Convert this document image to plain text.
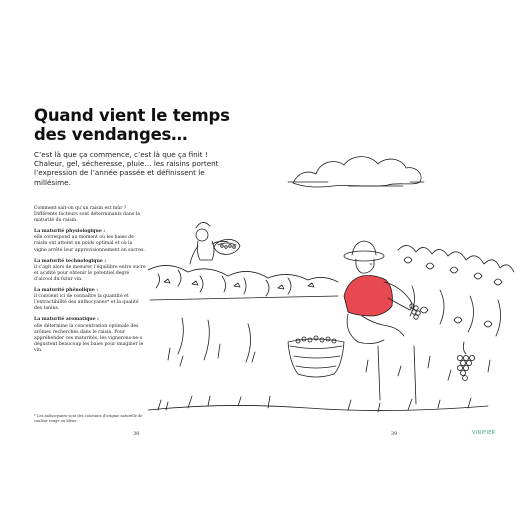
Quand vient le temps des vendanges…

C’est là que ça commence, c’est là que ça finit ! Chaleur, gel, sécheresse, pluie… les raisins portent l’expression de l’année passée et définissent le millésime.

Comment sait-on qu’un raisin est mûr ? Différents facteurs sont déterminants dans la maturité du raisin.

La maturité physiologique :
elle correspond au moment où les baies de raisin ont atteint un poids optimal et où la vigne arrête leur approvisionnement en sucres.

La maturité technologique :
il s’agit alors de mesurer l’équilibre entre sucre et acidité pour obtenir le potentiel degré d’alcool du futur vin.

La maturité phénolique :
il convient ici de connaître la quantité et l’extractibilité des anthocyanes* et la qualité des tanins.

La maturité aromatique :
elle détermine la concentration optimale des arômes recherchés dans le raisin. Pour appréhender ces maturités, les vignerons·ne·s dégustent beaucoup les baies pour imaginer le vin.

* Les anthocyanes sont des colorants d’origine naturelle de couleur rouge ou bleue.

38	39	VINIFIER
